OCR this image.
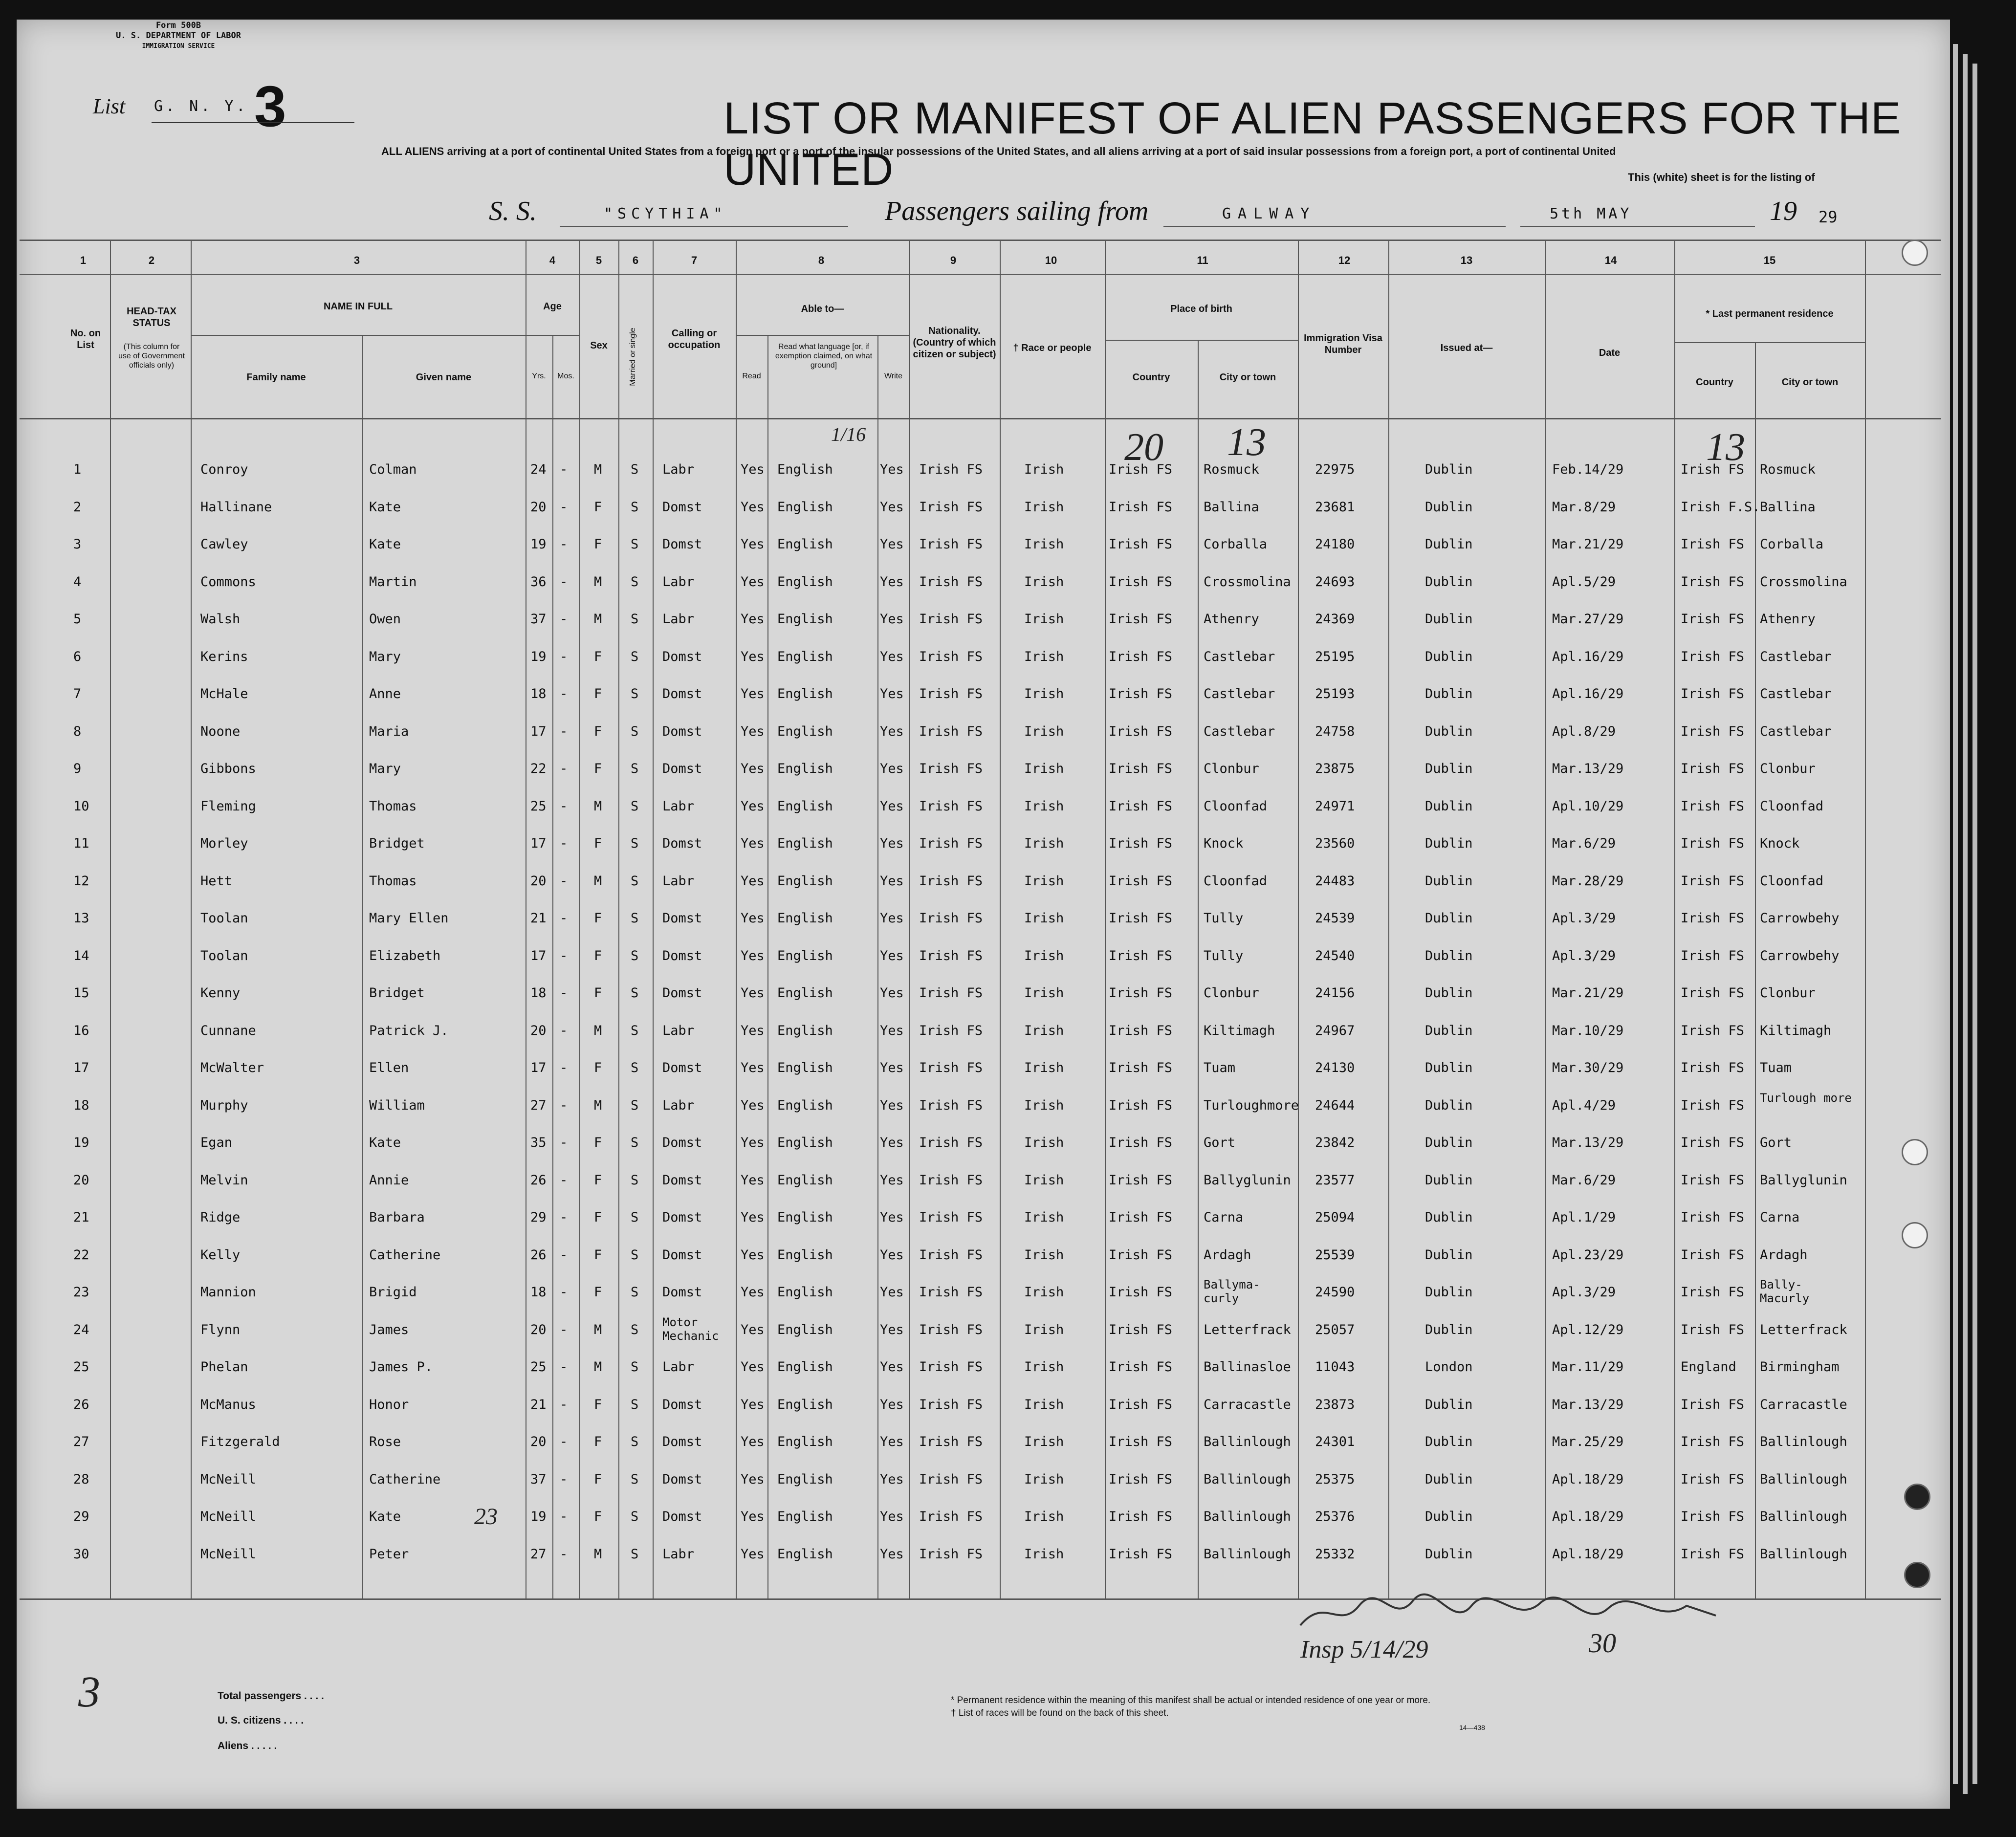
Form 500B
U. S. DEPARTMENT OF LABOR
IMMIGRATION SERVICE
List G. N. Y. 3	LIST OR MANIFEST OF ALIEN PASSENGERS FOR THE UNITED
ALL ALIENS arriving at a port of continental United States from a foreign port or a port of the insular possessions of the United States, and all aliens arriving at a port of said insular possessions from a foreign port, a port of continental United
This (white) sheet is for the listing of
S. S.	"SCYTHIA"	Passengers sailing from	GALWAY	5th MAY	19 29
1	2	3	4	5	6	7	8	9	10	11	12	13	14	15
No. on List
HEAD-TAX STATUS
(This column for use of Government officials only)
NAME IN FULL
Family name	Given name
Age
Yrs.	Mos.
Sex	Married or single	Calling or occupation
Able to—
Read
Read what language [or, if exemption claimed, on what ground]
Write
Nationality. (Country of which citizen or subject)
† Race or people
Place of birth
Country	City or town
Immigration Visa Number	Issued at—	Date
* Last permanent residence
Country	City or town
1	Conroy	Colman	24 - M S Labr	Yes English	Yes Irish FS	Irish	Irish FS Rosmuck	22975	Dublin	Feb.14/29	Irish FS Rosmuck
2	Hallinane	Kate	20 - F S Domst	Yes English	Yes Irish FS	Irish	Irish FS Ballina	23681	Dublin	Mar.8/29	Irish F.S. Ballina
3	Cawley	Kate	19 - F S Domst	Yes English	Yes Irish FS	Irish	Irish FS Corballa	24180	Dublin	Mar.21/29	Irish FS Corballa
4	Commons	Martin	36 - M S Labr	Yes English	Yes Irish FS	Irish	Irish FS Crossmolina 24693	Dublin	Apl.5/29	Irish FS Crossmolina
5	Walsh	Owen	37 - M S Labr	Yes English	Yes Irish FS	Irish	Irish FS Athenry	24369	Dublin	Mar.27/29	Irish FS Athenry
6	Kerins	Mary	19 - F S Domst	Yes English	Yes Irish FS	Irish	Irish FS Castlebar	25195	Dublin	Apl.16/29	Irish FS Castlebar
7	McHale	Anne	18 - F S Domst	Yes English	Yes Irish FS	Irish	Irish FS Castlebar	25193	Dublin	Apl.16/29	Irish FS Castlebar
8	Noone	Maria	17 - F S Domst	Yes English	Yes Irish FS	Irish	Irish FS Castlebar	24758	Dublin	Apl.8/29	Irish FS Castlebar
9	Gibbons	Mary	22 - F S Domst	Yes English	Yes Irish FS	Irish	Irish FS Clonbur	23875	Dublin	Mar.13/29	Irish FS Clonbur
10	Fleming	Thomas	25 - M S Labr	Yes English	Yes Irish FS	Irish	Irish FS Cloonfad	24971	Dublin	Apl.10/29	Irish FS Cloonfad
11	Morley	Bridget	17 - F S Domst	Yes English	Yes Irish FS	Irish	Irish FS Knock	23560	Dublin	Mar.6/29	Irish FS Knock
12	Hett	Thomas	20 - M S Labr	Yes English	Yes Irish FS	Irish	Irish FS Cloonfad	24483	Dublin	Mar.28/29	Irish FS Cloonfad
13	Toolan	Mary Ellen	21 - F S Domst	Yes English	Yes Irish FS	Irish	Irish FS Tully	24539	Dublin	Apl.3/29	Irish FS Carrowbehy
14	Toolan	Elizabeth	17 - F S Domst	Yes English	Yes Irish FS	Irish	Irish FS Tully	24540	Dublin	Apl.3/29	Irish FS Carrowbehy
15	Kenny	Bridget	18 - F S Domst	Yes English	Yes Irish FS	Irish	Irish FS Clonbur	24156	Dublin	Mar.21/29	Irish FS Clonbur
16	Cunnane	Patrick J.	20 - M S Labr	Yes English	Yes Irish FS	Irish	Irish FS Kiltimagh	24967	Dublin	Mar.10/29	Irish FS Kiltimagh
17	McWalter	Ellen	17 - F S Domst	Yes English	Yes Irish FS	Irish	Irish FS Tuam	24130	Dublin	Mar.30/29	Irish FS Tuam
18	Murphy	William	27 - M S Labr	Yes English	Yes Irish FS	Irish	Irish FS Turloughmore 24644	Dublin	Apl.4/29	Irish FS Turlough more
19	Egan	Kate	35 - F S Domst	Yes English	Yes Irish FS	Irish	Irish FS Gort	23842	Dublin	Mar.13/29	Irish FS Gort
20	Melvin	Annie	26 - F S Domst	Yes English	Yes Irish FS	Irish	Irish FS Ballyglunin 23577	Dublin	Mar.6/29	Irish FS Ballyglunin
21	Ridge	Barbara	29 - F S Domst	Yes English	Yes Irish FS	Irish	Irish FS Carna	25094	Dublin	Apl.1/29	Irish FS Carna
22	Kelly	Catherine	26 - F S Domst	Yes English	Yes Irish FS	Irish	Irish FS Ardagh	25539	Dublin	Apl.23/29	Irish FS Ardagh
23	Mannion	Brigid	18 - F S Domst	Yes English	Yes Irish FS	Irish	Irish FS	Ballyma- curly	24590	Dublin	Apl.3/29	Irish FS Bally- Macurly
24	Flynn	James	20 - M S Motor Mechanic	Yes English	Yes Irish FS	Irish	Irish FS Letterfrack 25057	Dublin	Apl.12/29	Irish FS Letterfrack
25	Phelan	James P.	25 - M S Labr	Yes English	Yes Irish FS	Irish	Irish FS Ballinasloe 11043	London	Mar.11/29	England Birmingham
26	McManus	Honor	21 - F S Domst	Yes English	Yes Irish FS	Irish	Irish FS Carracastle 23873	Dublin	Mar.13/29	Irish FS Carracastle
27	Fitzgerald	Rose	20 - F S Domst	Yes English	Yes Irish FS	Irish	Irish FS Ballinlough 24301	Dublin	Mar.25/29	Irish FS Ballinlough
28	McNeill	Catherine	37 - F S Domst	Yes English	Yes Irish FS	Irish	Irish FS Ballinlough 25375	Dublin	Apl.18/29	Irish FS Ballinlough
29	McNeill	Kate	19 - F S Domst	Yes English	Yes Irish FS	Irish	Irish FS Ballinlough 25376	Dublin	Apl.18/29	Irish FS Ballinlough
30	McNeill	Peter	27 - M S Labr	Yes English	Yes Irish FS	Irish	Irish FS Ballinlough 25332	Dublin	Apl.18/29	Irish FS Ballinlough
20 13	13
1/16
23
Insp 5/14/29	30
3	Total passengers . . . .
U. S. citizens . . . .
Aliens . . . . .
* Permanent residence within the meaning of this manifest shall be actual or intended residence of one year or more.
† List of races will be found on the back of this sheet.
14—438
